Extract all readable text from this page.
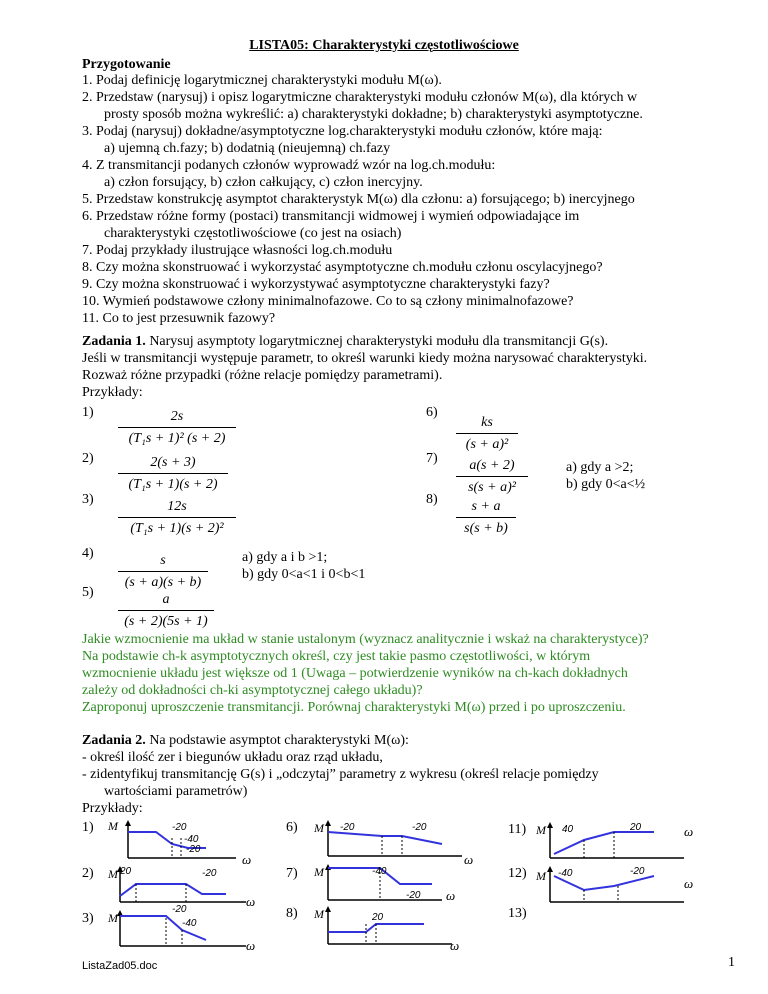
LISTA05: Charakterystyki częstotliwościowe
Przygotowanie
1. Podaj definicję logarytmicznej charakterystyki modułu M(ω).
2. Przedstaw (narysuj) i opisz logarytmiczne charakterystyki modułu członów M(ω), dla których w
prosty sposób można wykreślić: a) charakterystyki dokładne; b) charakterystyki asymptotyczne.
3. Podaj (narysuj) dokładne/asymptotyczne log.charakterystyki modułu członów, które mają:
a) ujemną ch.fazy; b) dodatnią (nieujemną) ch.fazy
4. Z transmitancji podanych członów wyprowadź wzór na log.ch.modułu:
a) człon forsujący, b) człon całkujący, c) człon inercyjny.
5. Przedstaw konstrukcję asymptot charakterystyk M(ω) dla członu: a) forsującego; b) inercyjnego
6. Przedstaw różne formy (postaci) transmitancji widmowej i wymień odpowiadające im
charakterystyki częstotliwościowe (co jest na osiach)
7. Podaj przykłady ilustrujące własności log.ch.modułu
8. Czy można skonstruować i wykorzystać asymptotyczne ch.modułu członu oscylacyjnego?
9. Czy można skonstruować i wykorzystywać asymptotyczne charakterystyki fazy?
10. Wymień podstawowe człony minimalnofazowe. Co to są człony minimalnofazowe?
11. Co to jest przesuwnik fazowy?
Zadania 1. Narysuj asymptoty logarytmicznej charakterystyki modułu dla transmitancji G(s).
Jeśli w transmitancji występuje parametr, to określ warunki kiedy można narysować charakterystyki.
Rozważ różne przypadki (różne relacje pomiędzy parametrami).
Przykłady:
1)	2s
(T₁s + 1)² (s + 2)
2)	2(s + 3)
(T₁s + 1)(s + 2)
3)	12s
(T₁s + 1)(s + 2)²
4)	s
(s + a)(s + b)
a) gdy a i b >1;
b) gdy 0<a<1 i 0<b<1
5)	a
(s + 2)(5s + 1)
6)
ks
(s + a)²
7)	a(s + 2)
s(s + a)²
a) gdy a >2;
b) gdy 0<a<½
8)	s + a
s(s + b)
Jakie wzmocnienie ma układ w stanie ustalonym (wyznacz analitycznie i wskaż na charakterystyce)?
Na podstawie ch-k asymptotycznych określ, czy jest takie pasmo częstotliwości, w którym
wzmocnienie układu jest większe od 1 (Uwaga – potwierdzenie wyników na ch-kach dokładnych
zależy od dokładności ch-ki asymptotycznej całego układu)?
Zaproponuj uproszczenie transmitancji. Porównaj charakterystyki M(ω) przed i po uproszczeniu.
Zadania 2. Na podstawie asymptot charakterystyki M(ω):
- określ ilość zer i biegunów układu oraz rząd układu,
- zidentyfikuj transmitancję G(s) i „odczytaj” parametry z wykresu (określ relacje pomiędzy
wartościami parametrów)
Przykłady:
1) M	-20
-40
-20
ω
2) M 20	-20
ω
3) M
-20
-40
ω
6) M -20	-20
ω
7) M	-40
-20 ω
8) M	20
ω
11) M 40	20	ω
12) M -40	-20
ω
13)
ListaZad05.doc	1
